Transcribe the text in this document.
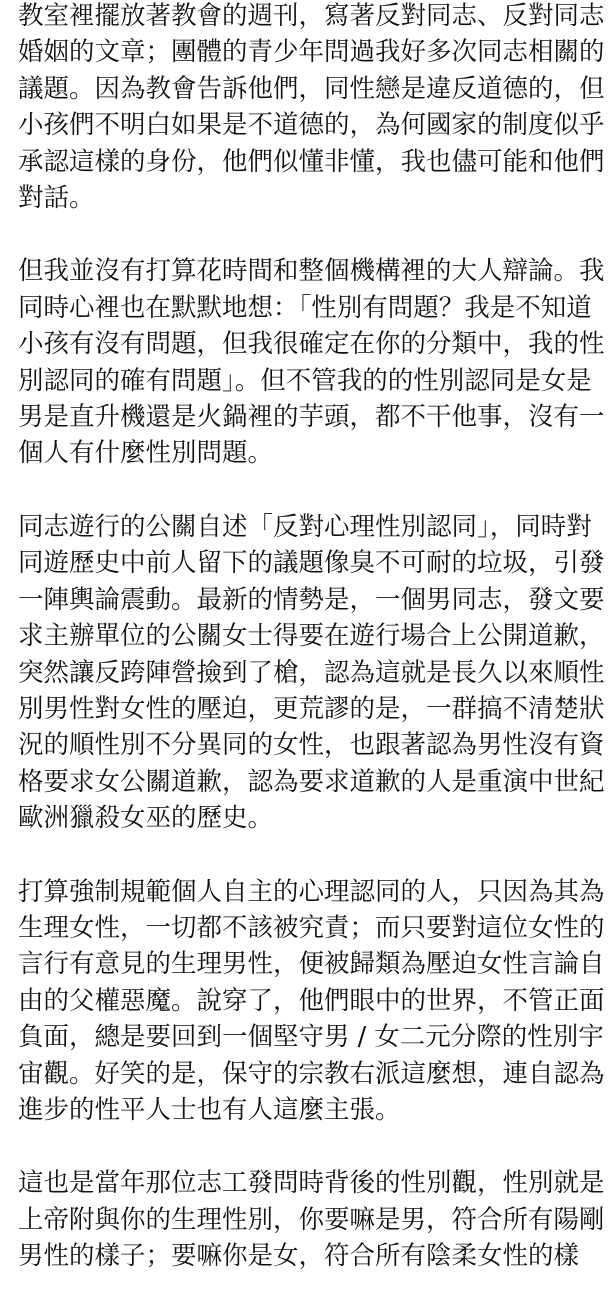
教室裡擺放著教會的週刊，寫著反對同志、反對同志
婚姻的文章；團體的青少年問過我好多次同志相關的
議題。因為教會告訴他們，同性戀是違反道德的，但
小孩們不明白如果是不道德的，為何國家的制度似乎
承認這樣的身份，他們似懂非懂，我也儘可能和他們
對話。

但我並沒有打算花時間和整個機構裡的大人辯論。我
同時心裡也在默默地想：「性別有問題？我是不知道
小孩有沒有問題，但我很確定在你的分類中，我的性
別認同的確有問題」。但不管我的的性別認同是女是
男是直升機還是火鍋裡的芋頭，都不干他事，沒有一
個人有什麼性別問題。

同志遊行的公關自述「反對心理性別認同」，同時對
同遊歷史中前人留下的議題像臭不可耐的垃圾，引發
一陣輿論震動。最新的情勢是，一個男同志，發文要
求主辦單位的公關女士得要在遊行場合上公開道歉，
突然讓反跨陣營撿到了槍，認為這就是長久以來順性
別男性對女性的壓迫，更荒謬的是，一群搞不清楚狀
況的順性別不分異同的女性，也跟著認為男性沒有資
格要求女公關道歉，認為要求道歉的人是重演中世紀
歐洲獵殺女巫的歷史。

打算強制規範個人自主的心理認同的人，只因為其為
生理女性，一切都不該被究責；而只要對這位女性的
言行有意見的生理男性，便被歸類為壓迫女性言論自
由的父權惡魔。說穿了，他們眼中的世界，不管正面
負面，總是要回到一個堅守男 / 女二元分際的性別宇
宙觀。好笑的是，保守的宗教右派這麼想，連自認為
進步的性平人士也有人這麼主張。

這也是當年那位志工發問時背後的性別觀，性別就是
上帝附與你的生理性別，你要嘛是男，符合所有陽剛
男性的樣子；要嘛你是女，符合所有陰柔女性的樣
